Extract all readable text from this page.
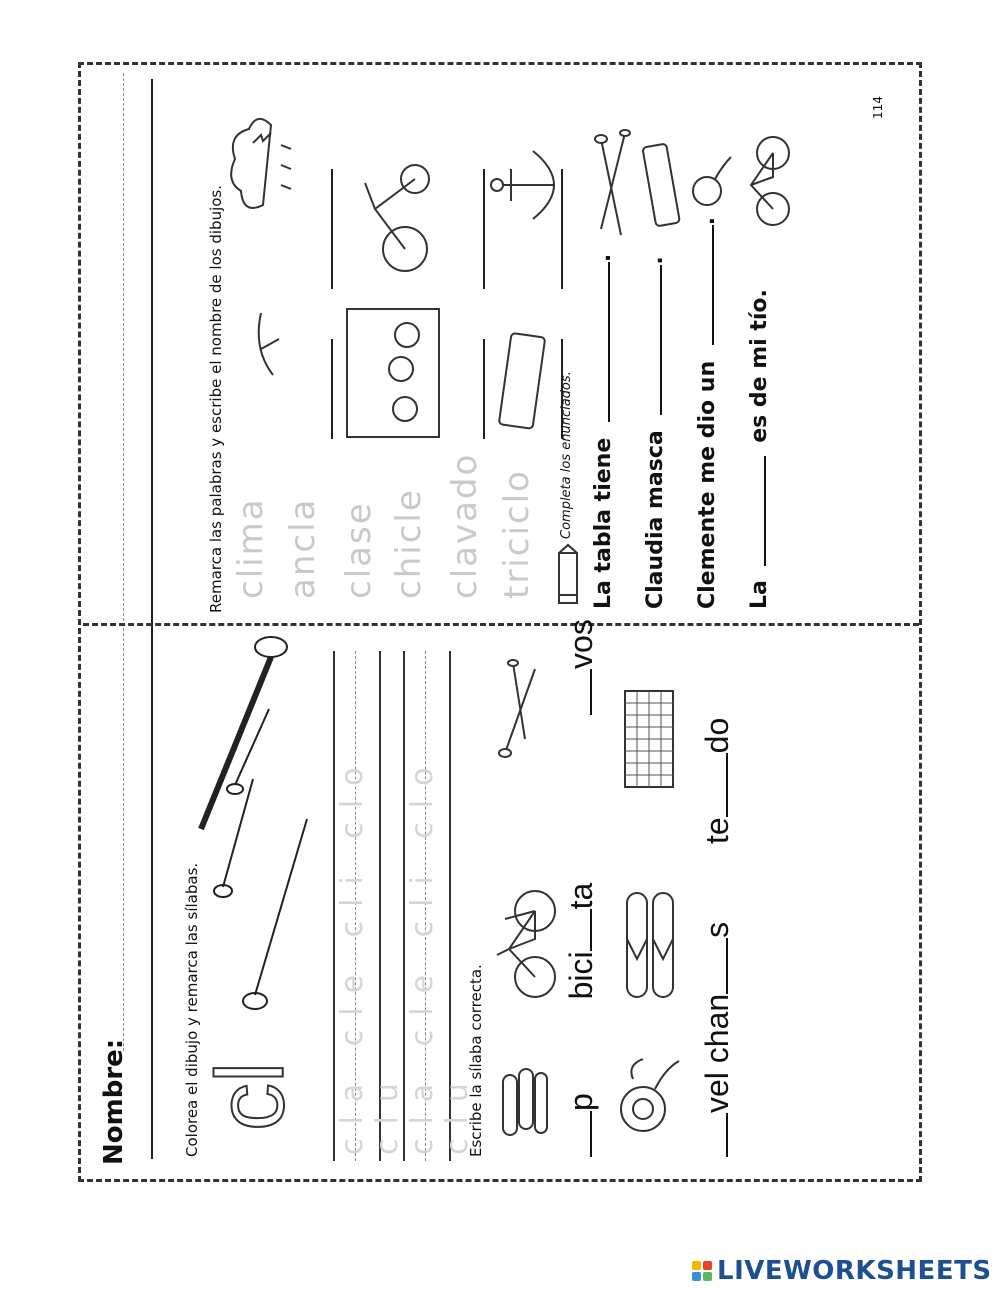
Nombre:	Colorea el dibujo y remarca las sílabas.
cl cla cle cli clo clu cla cle cli clo clu
Escribe la sílaba correcta. p  bicita  vos
vel chans  tedo
Remarca las palabras y escribe el nombre de los dibujos. clima ancla clase chicle clavado triciclo Completa los enunciados. La tabla tiene .
Claudia masca .
Clemente me dio un .
La  es de mi tío.
114
LIVEWORKSHEETS
